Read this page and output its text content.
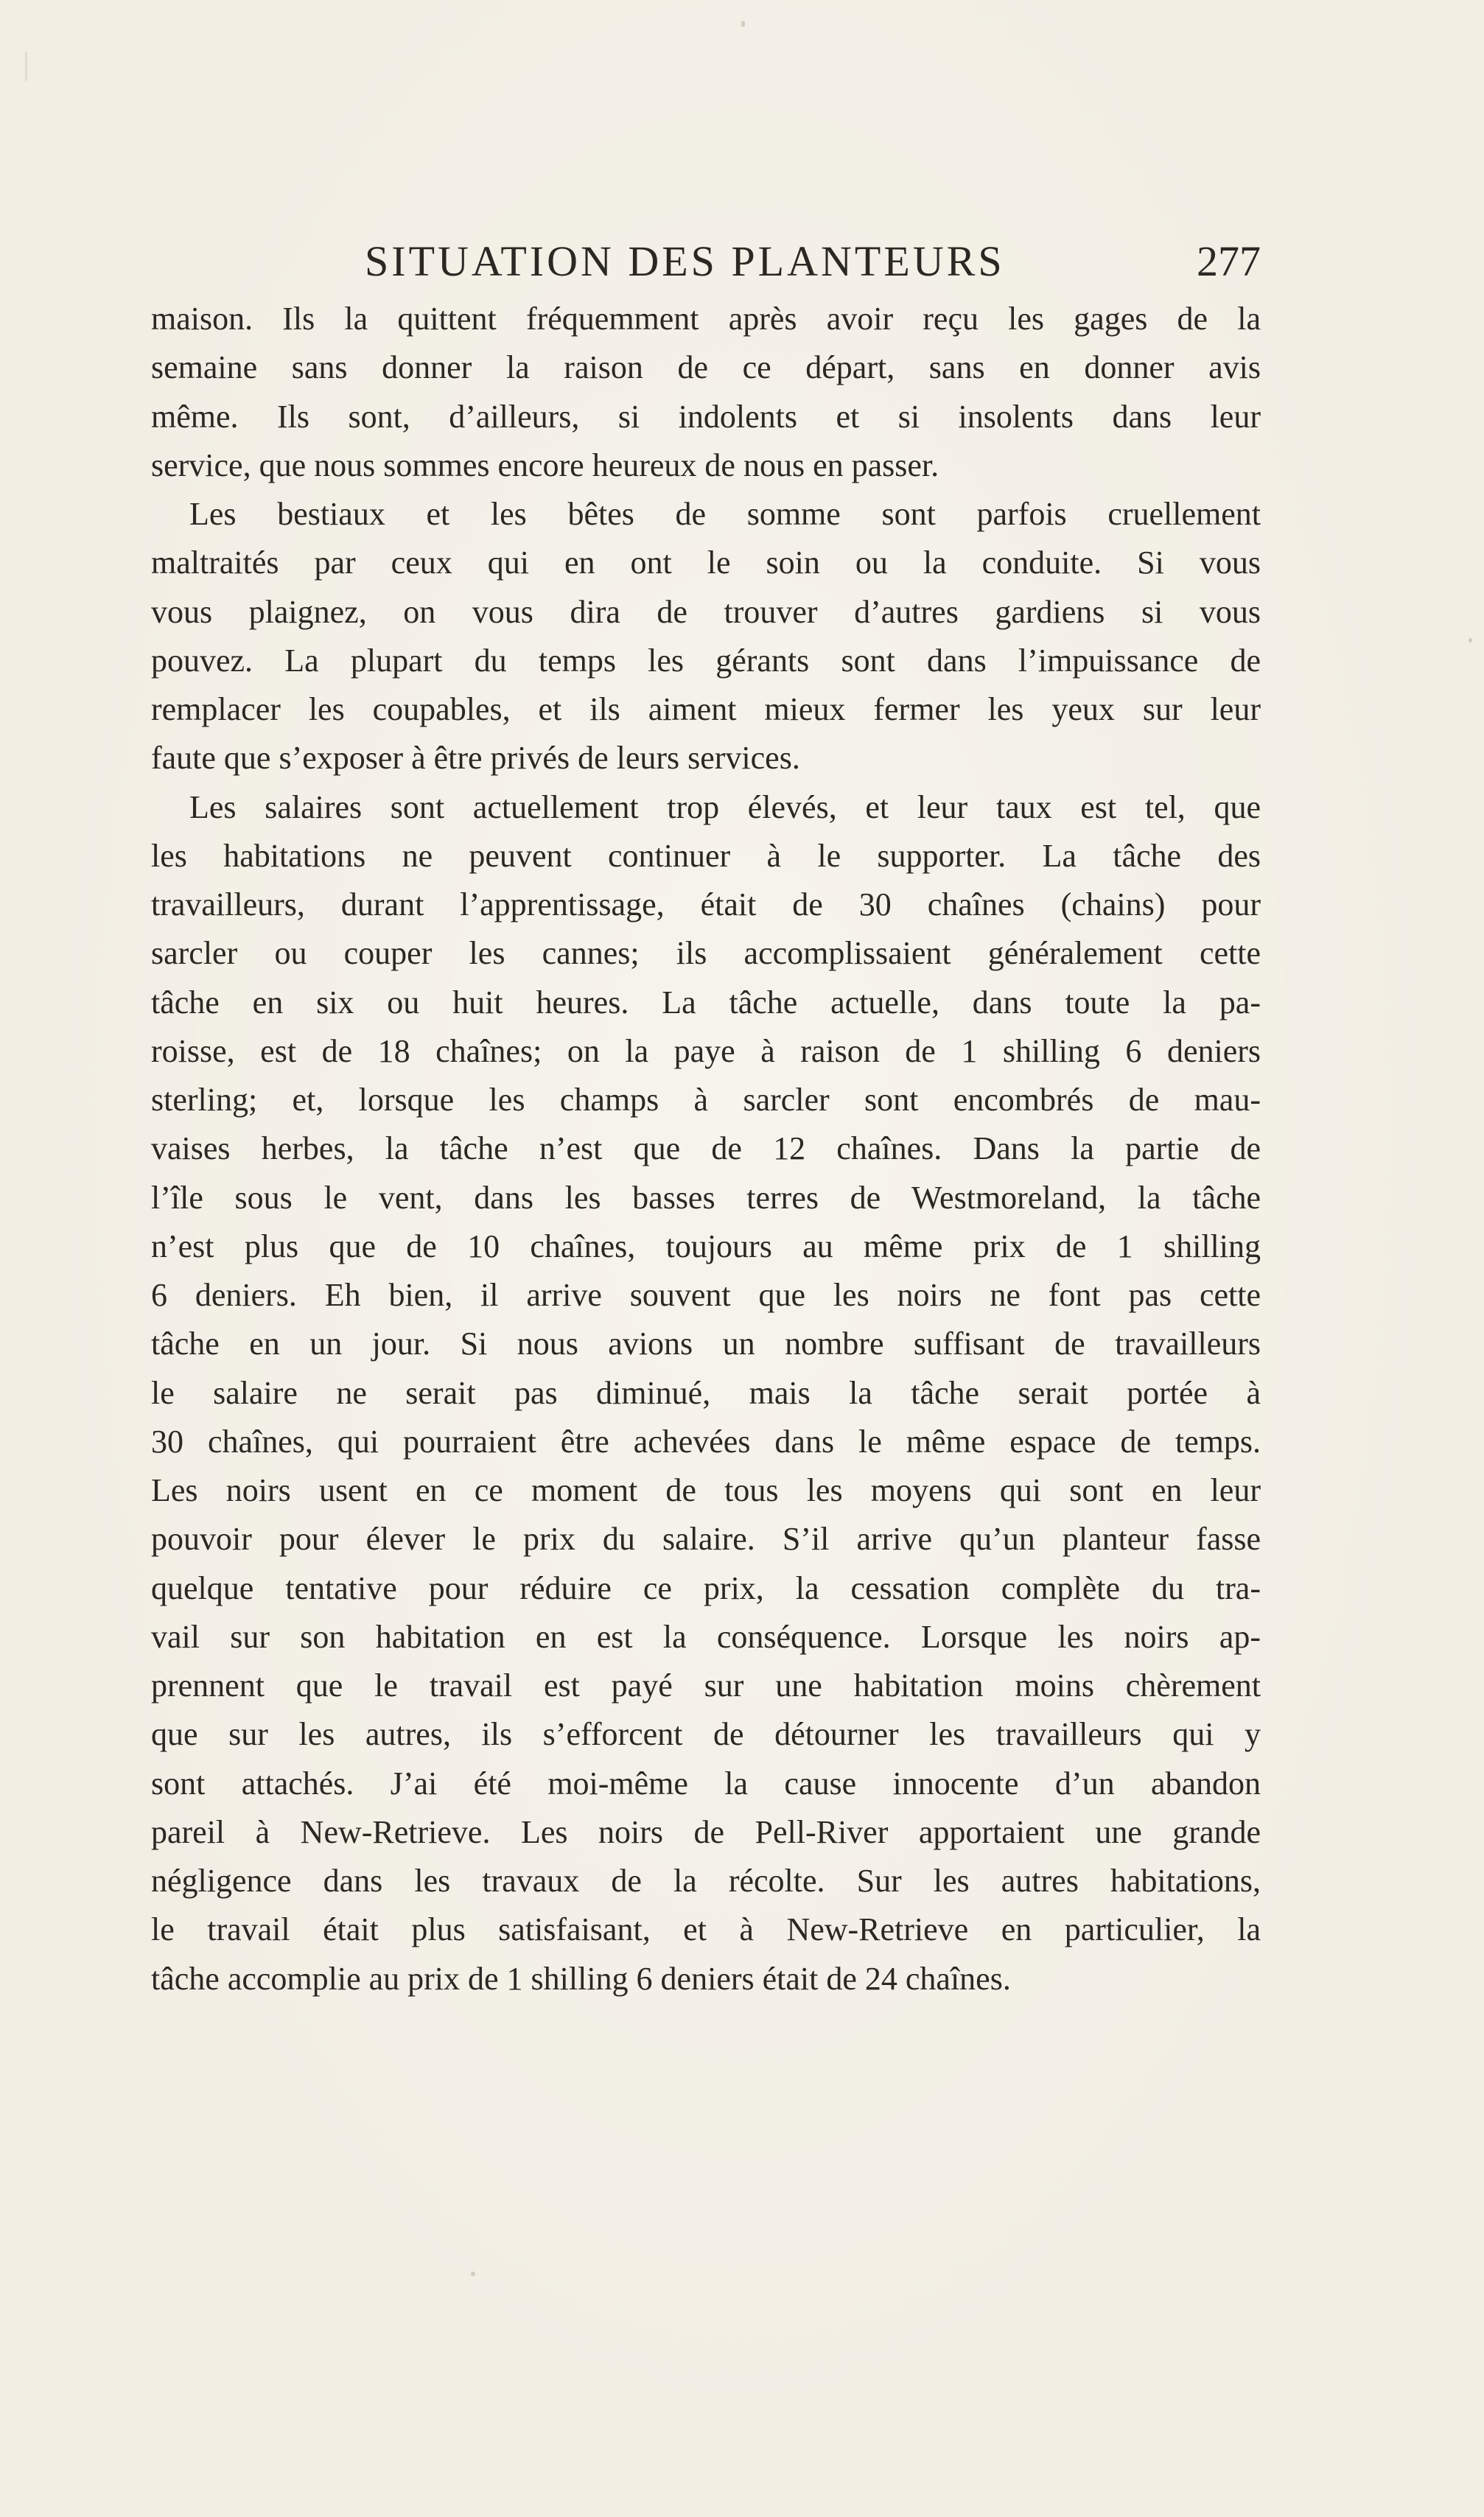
SITUATION DES PLANTEURS	277
maison. Ils la quittent fréquemment après avoir reçu les gages de la
semaine sans donner la raison de ce départ, sans en donner avis
même. Ils sont, d’ailleurs, si indolents et si insolents dans leur
service, que nous sommes encore heureux de nous en passer.
Les bestiaux et les bêtes de somme sont parfois cruellement
maltraités par ceux qui en ont le soin ou la conduite. Si vous
vous plaignez, on vous dira de trouver d’autres gardiens si vous
pouvez. La plupart du temps les gérants sont dans l’impuissance de
remplacer les coupables, et ils aiment mieux fermer les yeux sur leur
faute que s’exposer à être privés de leurs services.
Les salaires sont actuellement trop élevés, et leur taux est tel, que
les habitations ne peuvent continuer à le supporter. La tâche des
travailleurs, durant l’apprentissage, était de 30 chaînes (chains) pour
sarcler ou couper les cannes; ils accomplissaient généralement cette
tâche en six ou huit heures. La tâche actuelle, dans toute la pa-
roisse, est de 18 chaînes; on la paye à raison de 1 shilling 6 deniers
sterling; et, lorsque les champs à sarcler sont encombrés de mau-
vaises herbes, la tâche n’est que de 12 chaînes. Dans la partie de
l’île sous le vent, dans les basses terres de Westmoreland, la tâche
n’est plus que de 10 chaînes, toujours au même prix de 1 shilling
6 deniers. Eh bien, il arrive souvent que les noirs ne font pas cette
tâche en un jour. Si nous avions un nombre suffisant de travailleurs
le salaire ne serait pas diminué, mais la tâche serait portée à
30 chaînes, qui pourraient être achevées dans le même espace de temps.
Les noirs usent en ce moment de tous les moyens qui sont en leur
pouvoir pour élever le prix du salaire. S’il arrive qu’un planteur fasse
quelque tentative pour réduire ce prix, la cessation complète du tra-
vail sur son habitation en est la conséquence. Lorsque les noirs ap-
prennent que le travail est payé sur une habitation moins chèrement
que sur les autres, ils s’efforcent de détourner les travailleurs qui y
sont attachés. J’ai été moi-même la cause innocente d’un abandon
pareil à New-Retrieve. Les noirs de Pell-River apportaient une grande
négligence dans les travaux de la récolte. Sur les autres habitations,
le travail était plus satisfaisant, et à New-Retrieve en particulier, la
tâche accomplie au prix de 1 shilling 6 deniers était de 24 chaînes.
